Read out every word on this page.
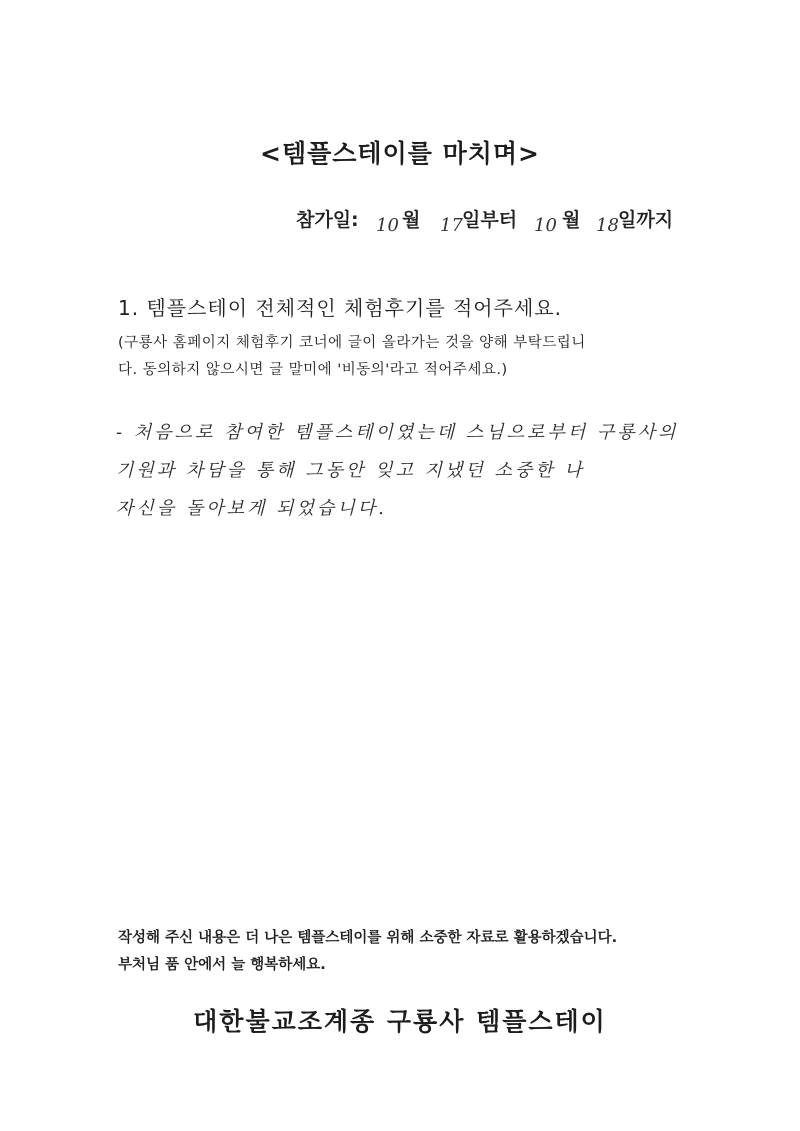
<템플스테이를 마치며>
참가일: 10 월 17 일부터 10 월 18 일까지
1. 템플스테이 전체적인 체험후기를 적어주세요.
(구룡사 홈페이지 체험후기 코너에 글이 올라가는 것을 양해 부탁드립니
다. 동의하지 않으시면 글 말미에 '비동의'라고 적어주세요.)
- 처음으로 참여한 템플스테이였는데 스님으로부터 구룡사의
기원과 차담을 통해 그동안 잊고 지냈던 소중한 나
자신을 돌아보게 되었습니다.
작성해 주신 내용은 더 나은 템플스테이를 위해 소중한 자료로 활용하겠습니다.
부처님 품 안에서 늘 행복하세요.
대한불교조계종 구룡사 템플스테이
